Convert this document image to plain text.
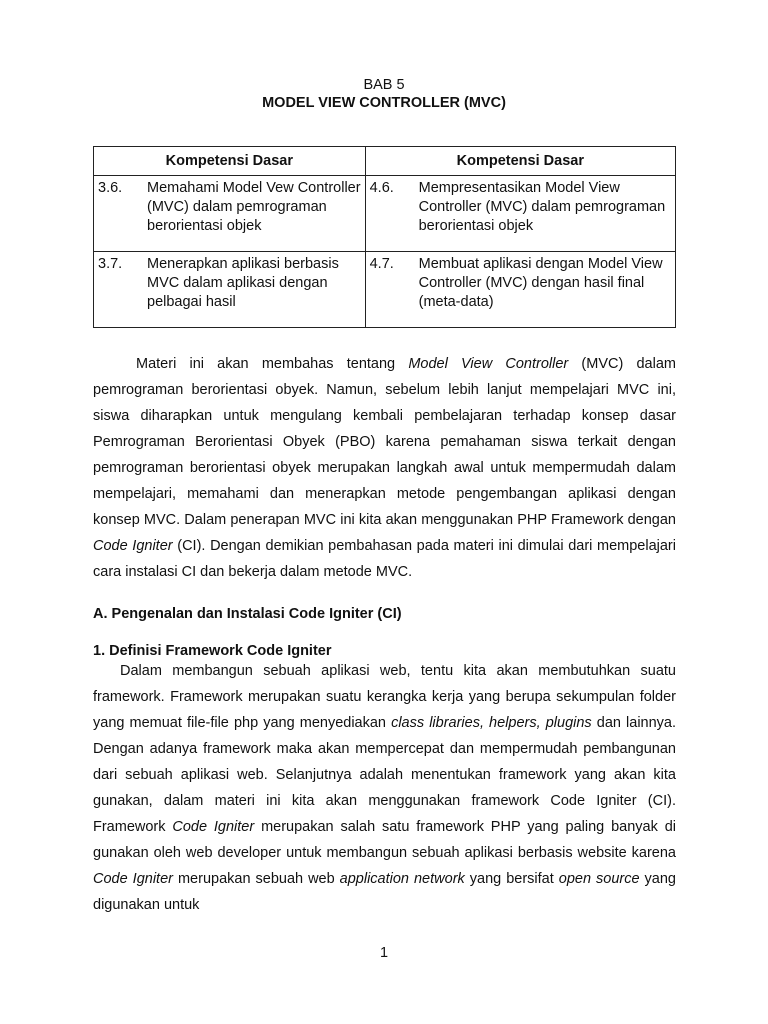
BAB 5
MODEL VIEW CONTROLLER (MVC)
Kompetensi Dasar	Kompetensi Dasar

3.6. Memahami Model Vew Controller (MVC) dalam pemrograman berorientasi objek	4.6. Mempresentasikan Model View Controller (MVC) dalam pemrograman berorientasi objek

3.7. Menerapkan aplikasi berbasis MVC dalam aplikasi dengan pelbagai hasil	4.7. Membuat aplikasi dengan Model View Controller (MVC) dengan hasil final (meta-data)

Materi ini akan membahas tentang Model View Controller (MVC) dalam pemrograman berorientasi obyek. Namun, sebelum lebih lanjut mempelajari MVC ini, siswa diharapkan untuk mengulang kembali pembelajaran terhadap konsep dasar Pemrograman Berorientasi Obyek (PBO) karena pemahaman siswa terkait dengan pemrograman berorientasi obyek merupakan langkah awal untuk mempermudah dalam mempelajari, memahami dan menerapkan metode pengembangan aplikasi dengan konsep MVC. Dalam penerapan MVC ini kita akan menggunakan PHP Framework dengan Code Igniter (CI). Dengan demikian pembahasan pada materi ini dimulai dari mempelajari cara instalasi CI dan bekerja dalam metode MVC.

A. Pengenalan dan Instalasi Code Igniter (CI)
1. Definisi Framework Code Igniter

Dalam membangun sebuah aplikasi web, tentu kita akan membutuhkan suatu framework. Framework merupakan suatu kerangka kerja yang berupa sekumpulan folder yang memuat file-file php yang menyediakan class libraries, helpers, plugins dan lainnya. Dengan adanya framework maka akan mempercepat dan mempermudah pembangunan dari sebuah aplikasi web. Selanjutnya adalah menentukan framework yang akan kita gunakan, dalam materi ini kita akan menggunakan framework Code Igniter (CI). Framework Code Igniter merupakan salah satu framework PHP yang paling banyak di gunakan oleh web developer untuk membangun sebuah aplikasi berbasis website karena Code Igniter merupakan sebuah web application network yang bersifat open source yang digunakan untuk

1
